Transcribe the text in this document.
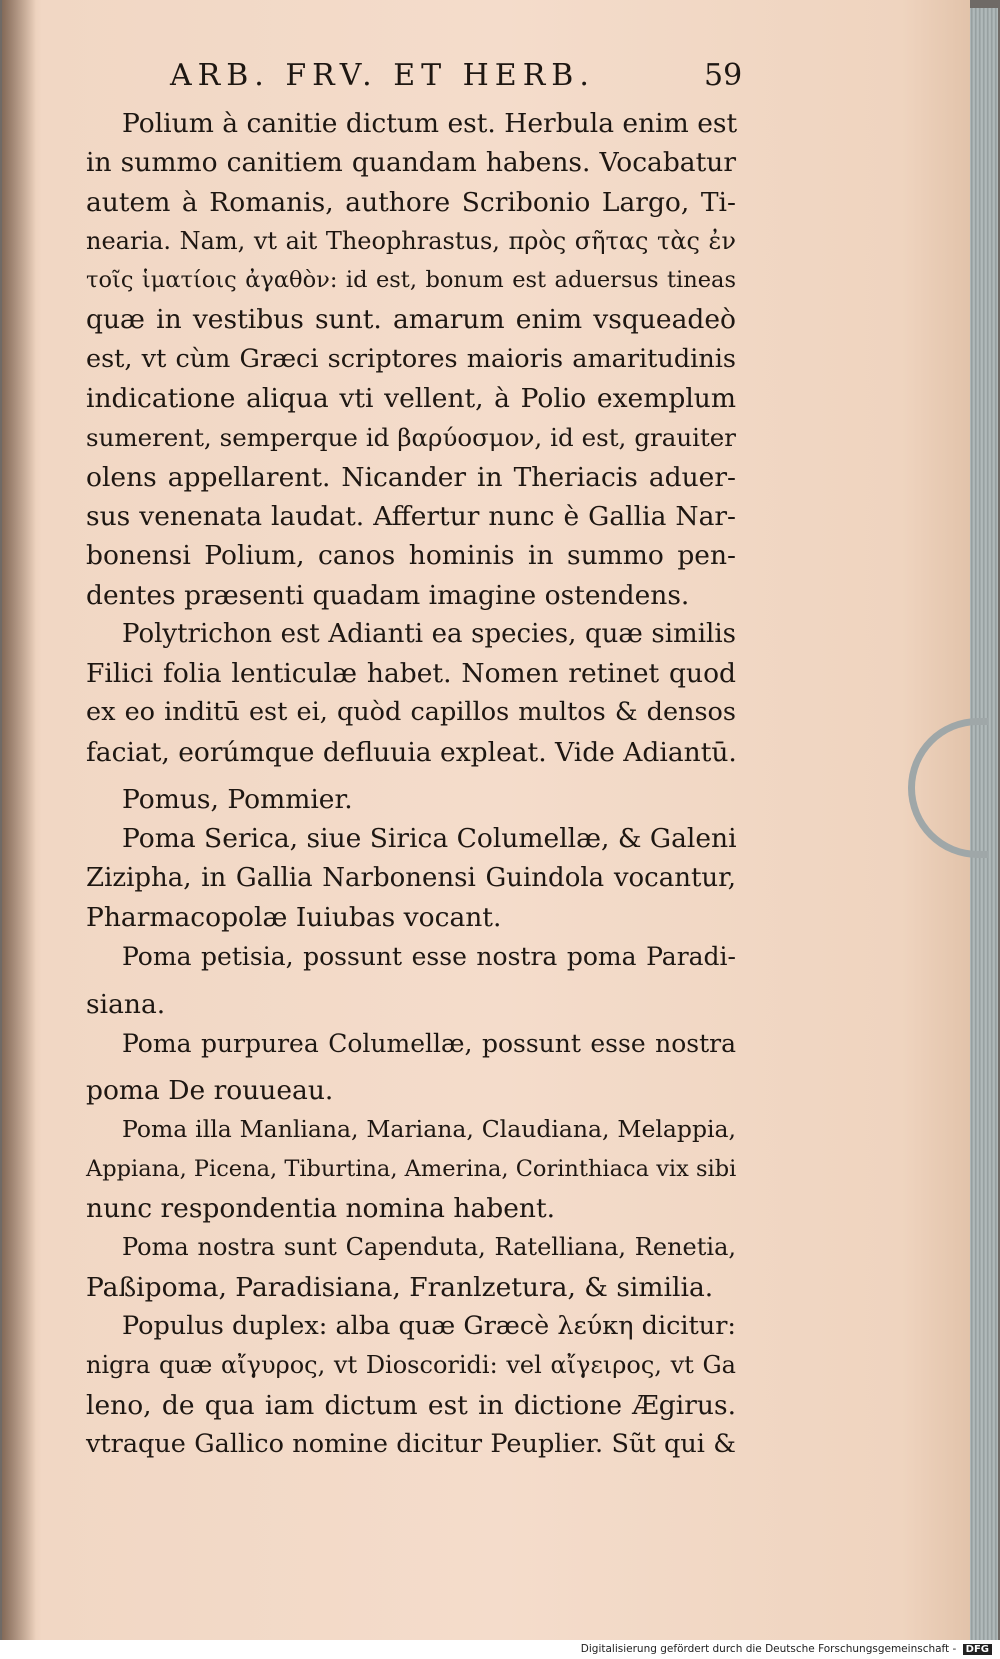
ARB. FRV. ET HERB.	59
Polium à canitie dictum est. Herbula enim est
in summo canitiem quandam habens. Vocabatur
autem à Romanis, authore Scribonio Largo, Ti-
nearia. Nam, vt ait Theophrastus, πρὸς σῆτας τὰς ἐν
τοῖς ἱματίοις ἀγαθὸν: id est, bonum est aduersus tineas
quæ in vestibus sunt. amarum enim vsqueadeò
est, vt cùm Græci scriptores maioris amaritudinis
indicatione aliqua vti vellent, à Polio exemplum
sumerent, semperque id βαρύοσμον, id est, grauiter
olens appellarent. Nicander in Theriacis aduer-
sus venenata laudat. Affertur nunc è Gallia Nar-
bonensi Polium, canos hominis in summo pen-
dentes præsenti quadam imagine ostendens.
Polytrichon est Adianti ea species, quæ similis
Filici folia lenticulæ habet. Nomen retinet quod
ex eo inditū est ei, quòd capillos multos & densos
faciat, eorúmque defluuia expleat. Vide Adiantū.
Pomus, Pommier.
Poma Serica, siue Sirica Columellæ, & Galeni
Zizipha, in Gallia Narbonensi Guindola vocantur,
Pharmacopolæ Iuiubas vocant.
Poma petisia, possunt esse nostra poma Paradi-
siana.
Poma purpurea Columellæ, possunt esse nostra
poma De rouueau.
Poma illa Manliana, Mariana, Claudiana, Melappia,
Appiana, Picena, Tiburtina, Amerina, Corinthiaca vix sibi
nunc respondentia nomina habent.
Poma nostra sunt Capenduta, Ratelliana, Renetia,
Paßipoma, Paradisiana, Franlzetura, & similia.
Populus duplex: alba quæ Græcè λεύκη dicitur:
nigra quæ αἴγυρος, vt Dioscoridi: vel αἴγειρος, vt Ga
leno, de qua iam dictum est in dictione Ægirus.
vtraque Gallico nomine dicitur Peuplier. Sũt qui &
Digitalisierung gefördert durch die Deutsche Forschungsgemeinschaft - DFG
